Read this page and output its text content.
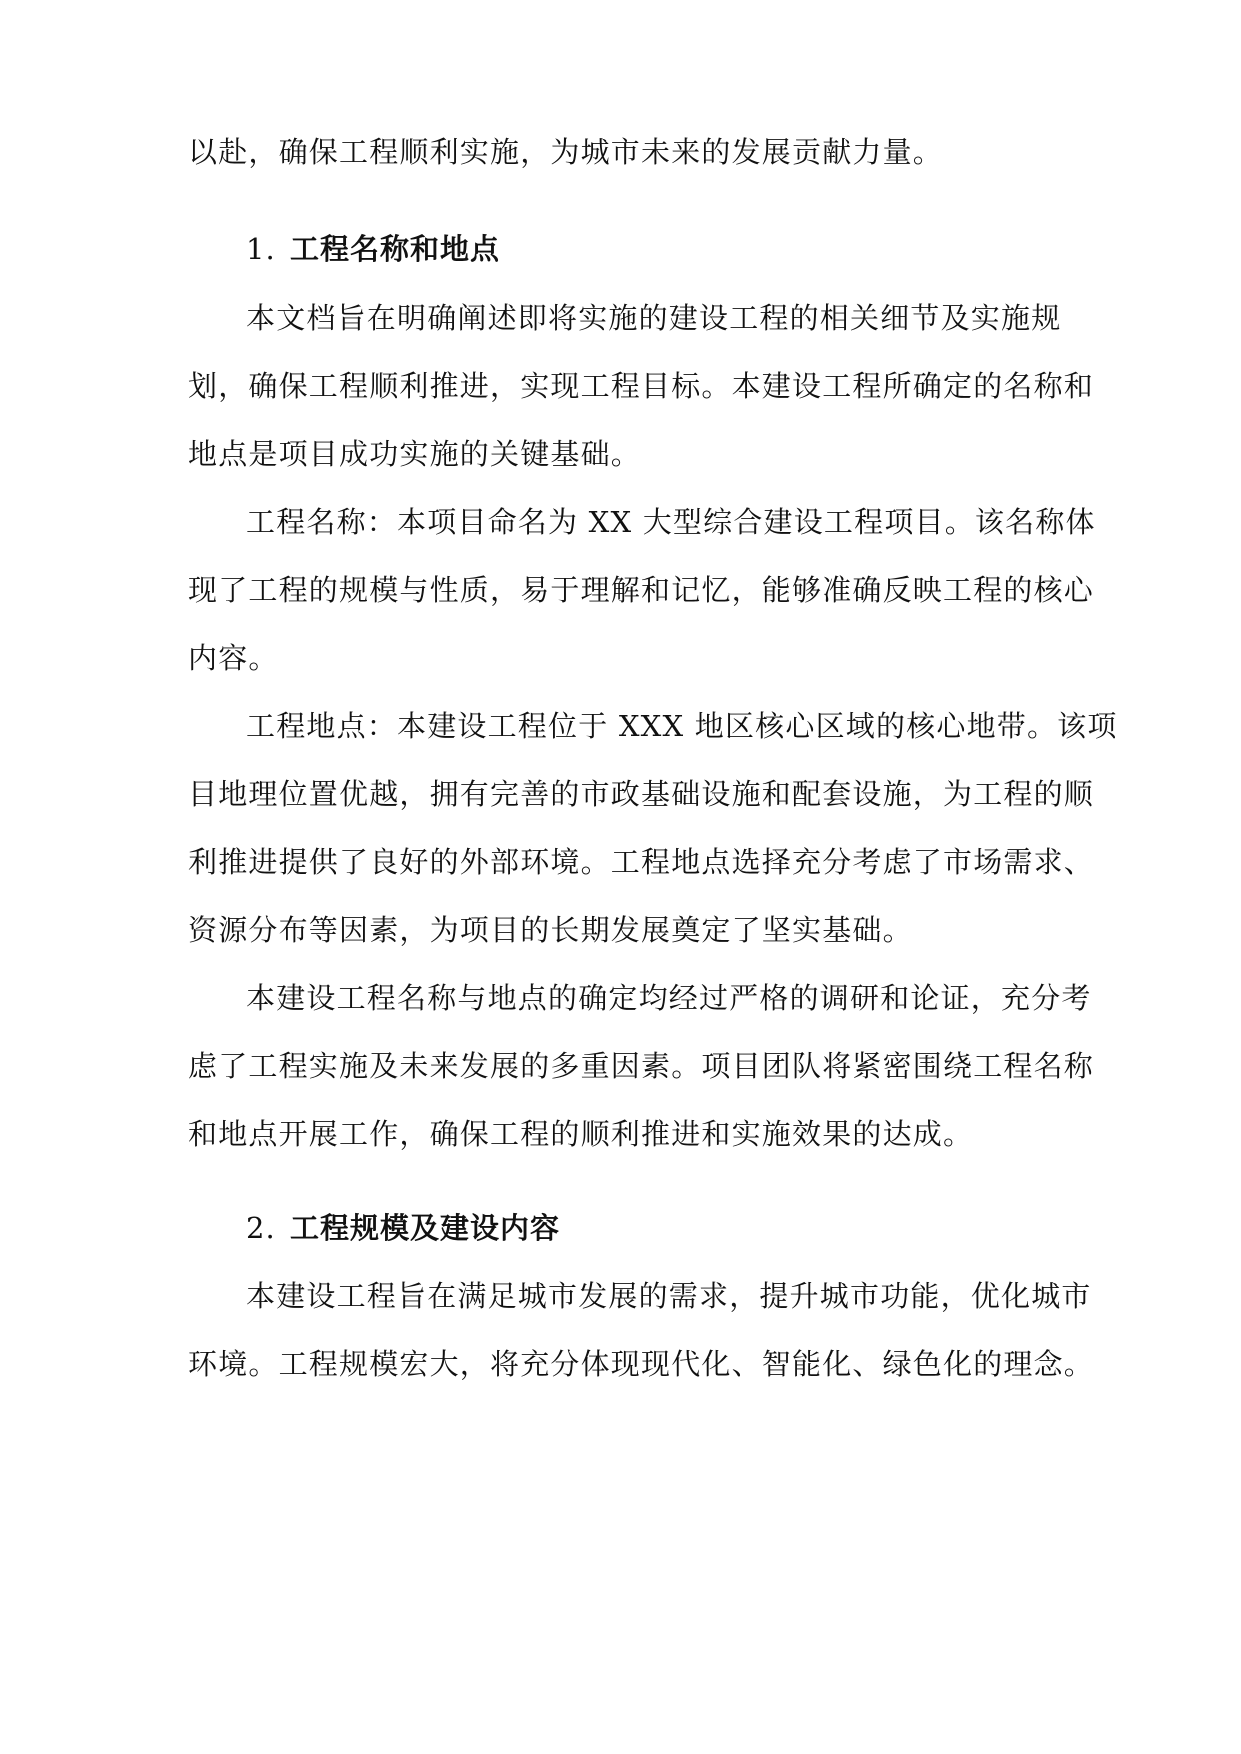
以赴，确保工程顺利实施，为城市未来的发展贡献力量。
1. 工程名称和地点
本文档旨在明确阐述即将实施的建设工程的相关细节及实施规
划，确保工程顺利推进，实现工程目标。本建设工程所确定的名称和
地点是项目成功实施的关键基础。
工程名称：本项目命名为 XX 大型综合建设工程项目。该名称体
现了工程的规模与性质，易于理解和记忆，能够准确反映工程的核心
内容。
工程地点：本建设工程位于 XXX 地区核心区域的核心地带。该项
目地理位置优越，拥有完善的市政基础设施和配套设施，为工程的顺
利推进提供了良好的外部环境。工程地点选择充分考虑了市场需求、
资源分布等因素，为项目的长期发展奠定了坚实基础。
本建设工程名称与地点的确定均经过严格的调研和论证，充分考
虑了工程实施及未来发展的多重因素。项目团队将紧密围绕工程名称
和地点开展工作，确保工程的顺利推进和实施效果的达成。
2. 工程规模及建设内容
本建设工程旨在满足城市发展的需求，提升城市功能，优化城市
环境。工程规模宏大，将充分体现现代化、智能化、绿色化的理念。
